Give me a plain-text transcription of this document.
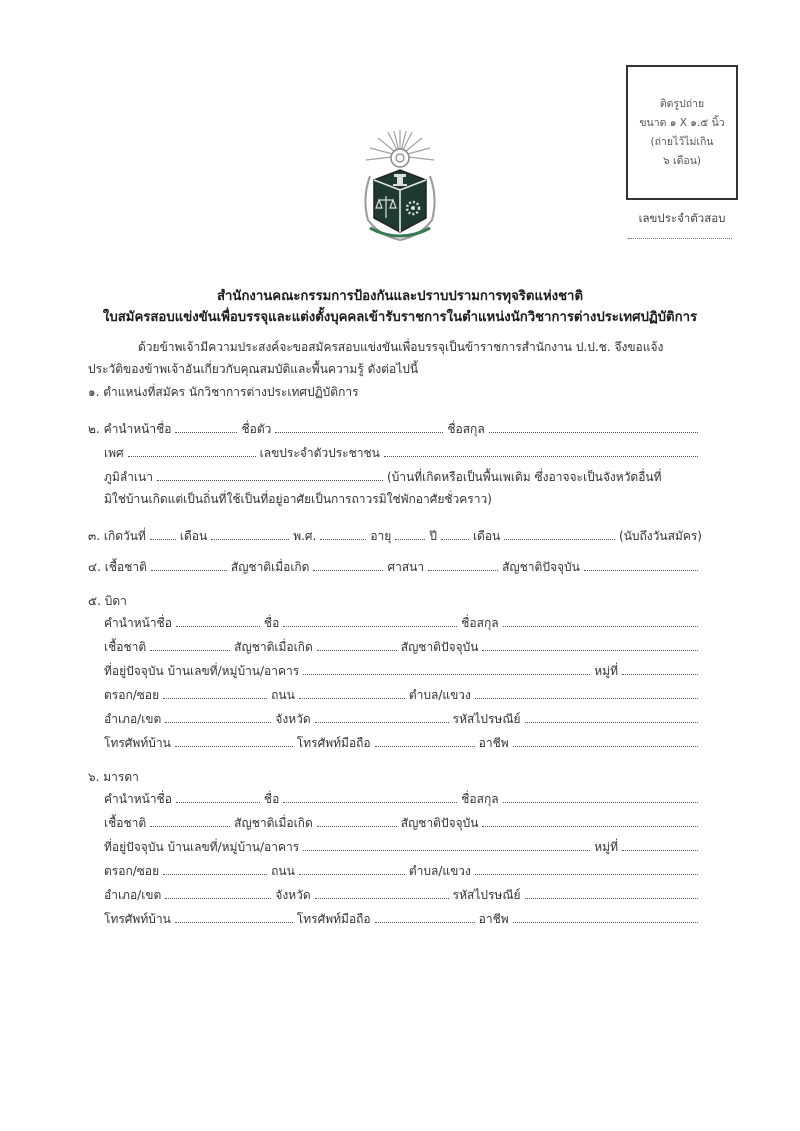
ติดรูปถ่าย
ขนาด ๑ X ๑.๕ นิ้ว
(ถ่ายไว้ไม่เกิน
๖ เดือน)
เลขประจำตัวสอบ
สำนักงานคณะกรรมการป้องกันและปราบปรามการทุจริตแห่งชาติ
ใบสมัครสอบแข่งขันเพื่อบรรจุและแต่งตั้งบุคคลเข้ารับราชการในตำแหน่งนักวิชาการต่างประเทศปฏิบัติการ
ด้วยข้าพเจ้ามีความประสงค์จะขอสมัครสอบแข่งขันเพื่อบรรจุเป็นข้าราชการสำนักงาน ป.ป.ช. จึงขอแจ้ง
ประวัติของข้าพเจ้าอันเกี่ยวกับคุณสมบัติและพื้นความรู้ ดังต่อไปนี้
๑. ตำแหน่งที่สมัคร นักวิชาการต่างประเทศปฏิบัติการ
๒.
คำนำหน้าชื่อ	ชื่อตัว	ชื่อสกุล
เพศ	เลขประจำตัวประชาชน
ภูมิลำเนา	(บ้านที่เกิดหรือเป็นพื้นเพเดิม ซึ่งอาจจะเป็นจังหวัดอื่นที่
มิใช่บ้านเกิดแต่เป็นถิ่นที่ใช้เป็นที่อยู่อาศัยเป็นการถาวรมิใช่พักอาศัยชั่วคราว)
๓.
เกิดวันที่	เดือน	พ.ศ.	อายุ	ปี	เดือน	(นับถึงวันสมัคร)
๔.
เชื้อชาติ	สัญชาติเมื่อเกิด	ศาสนา	สัญชาติปัจจุบัน
๕. บิดา
คำนำหน้าชื่อ	ชื่อ	ชื่อสกุล
เชื้อชาติ	สัญชาติเมื่อเกิด	สัญชาติปัจจุบัน
ที่อยู่ปัจจุบัน บ้านเลขที่/หมู่บ้าน/อาคาร	หมู่ที่
ตรอก/ซอย	ถนน	ตำบล/แขวง
อำเภอ/เขต	จังหวัด	รหัสไปรษณีย์
โทรศัพท์บ้าน	โทรศัพท์มือถือ	อาชีพ
๖. มารดา
คำนำหน้าชื่อ	ชื่อ	ชื่อสกุล
เชื้อชาติ	สัญชาติเมื่อเกิด	สัญชาติปัจจุบัน
ที่อยู่ปัจจุบัน บ้านเลขที่/หมู่บ้าน/อาคาร	หมู่ที่
ตรอก/ซอย	ถนน	ตำบล/แขวง
อำเภอ/เขต	จังหวัด	รหัสไปรษณีย์
โทรศัพท์บ้าน	โทรศัพท์มือถือ	อาชีพ
